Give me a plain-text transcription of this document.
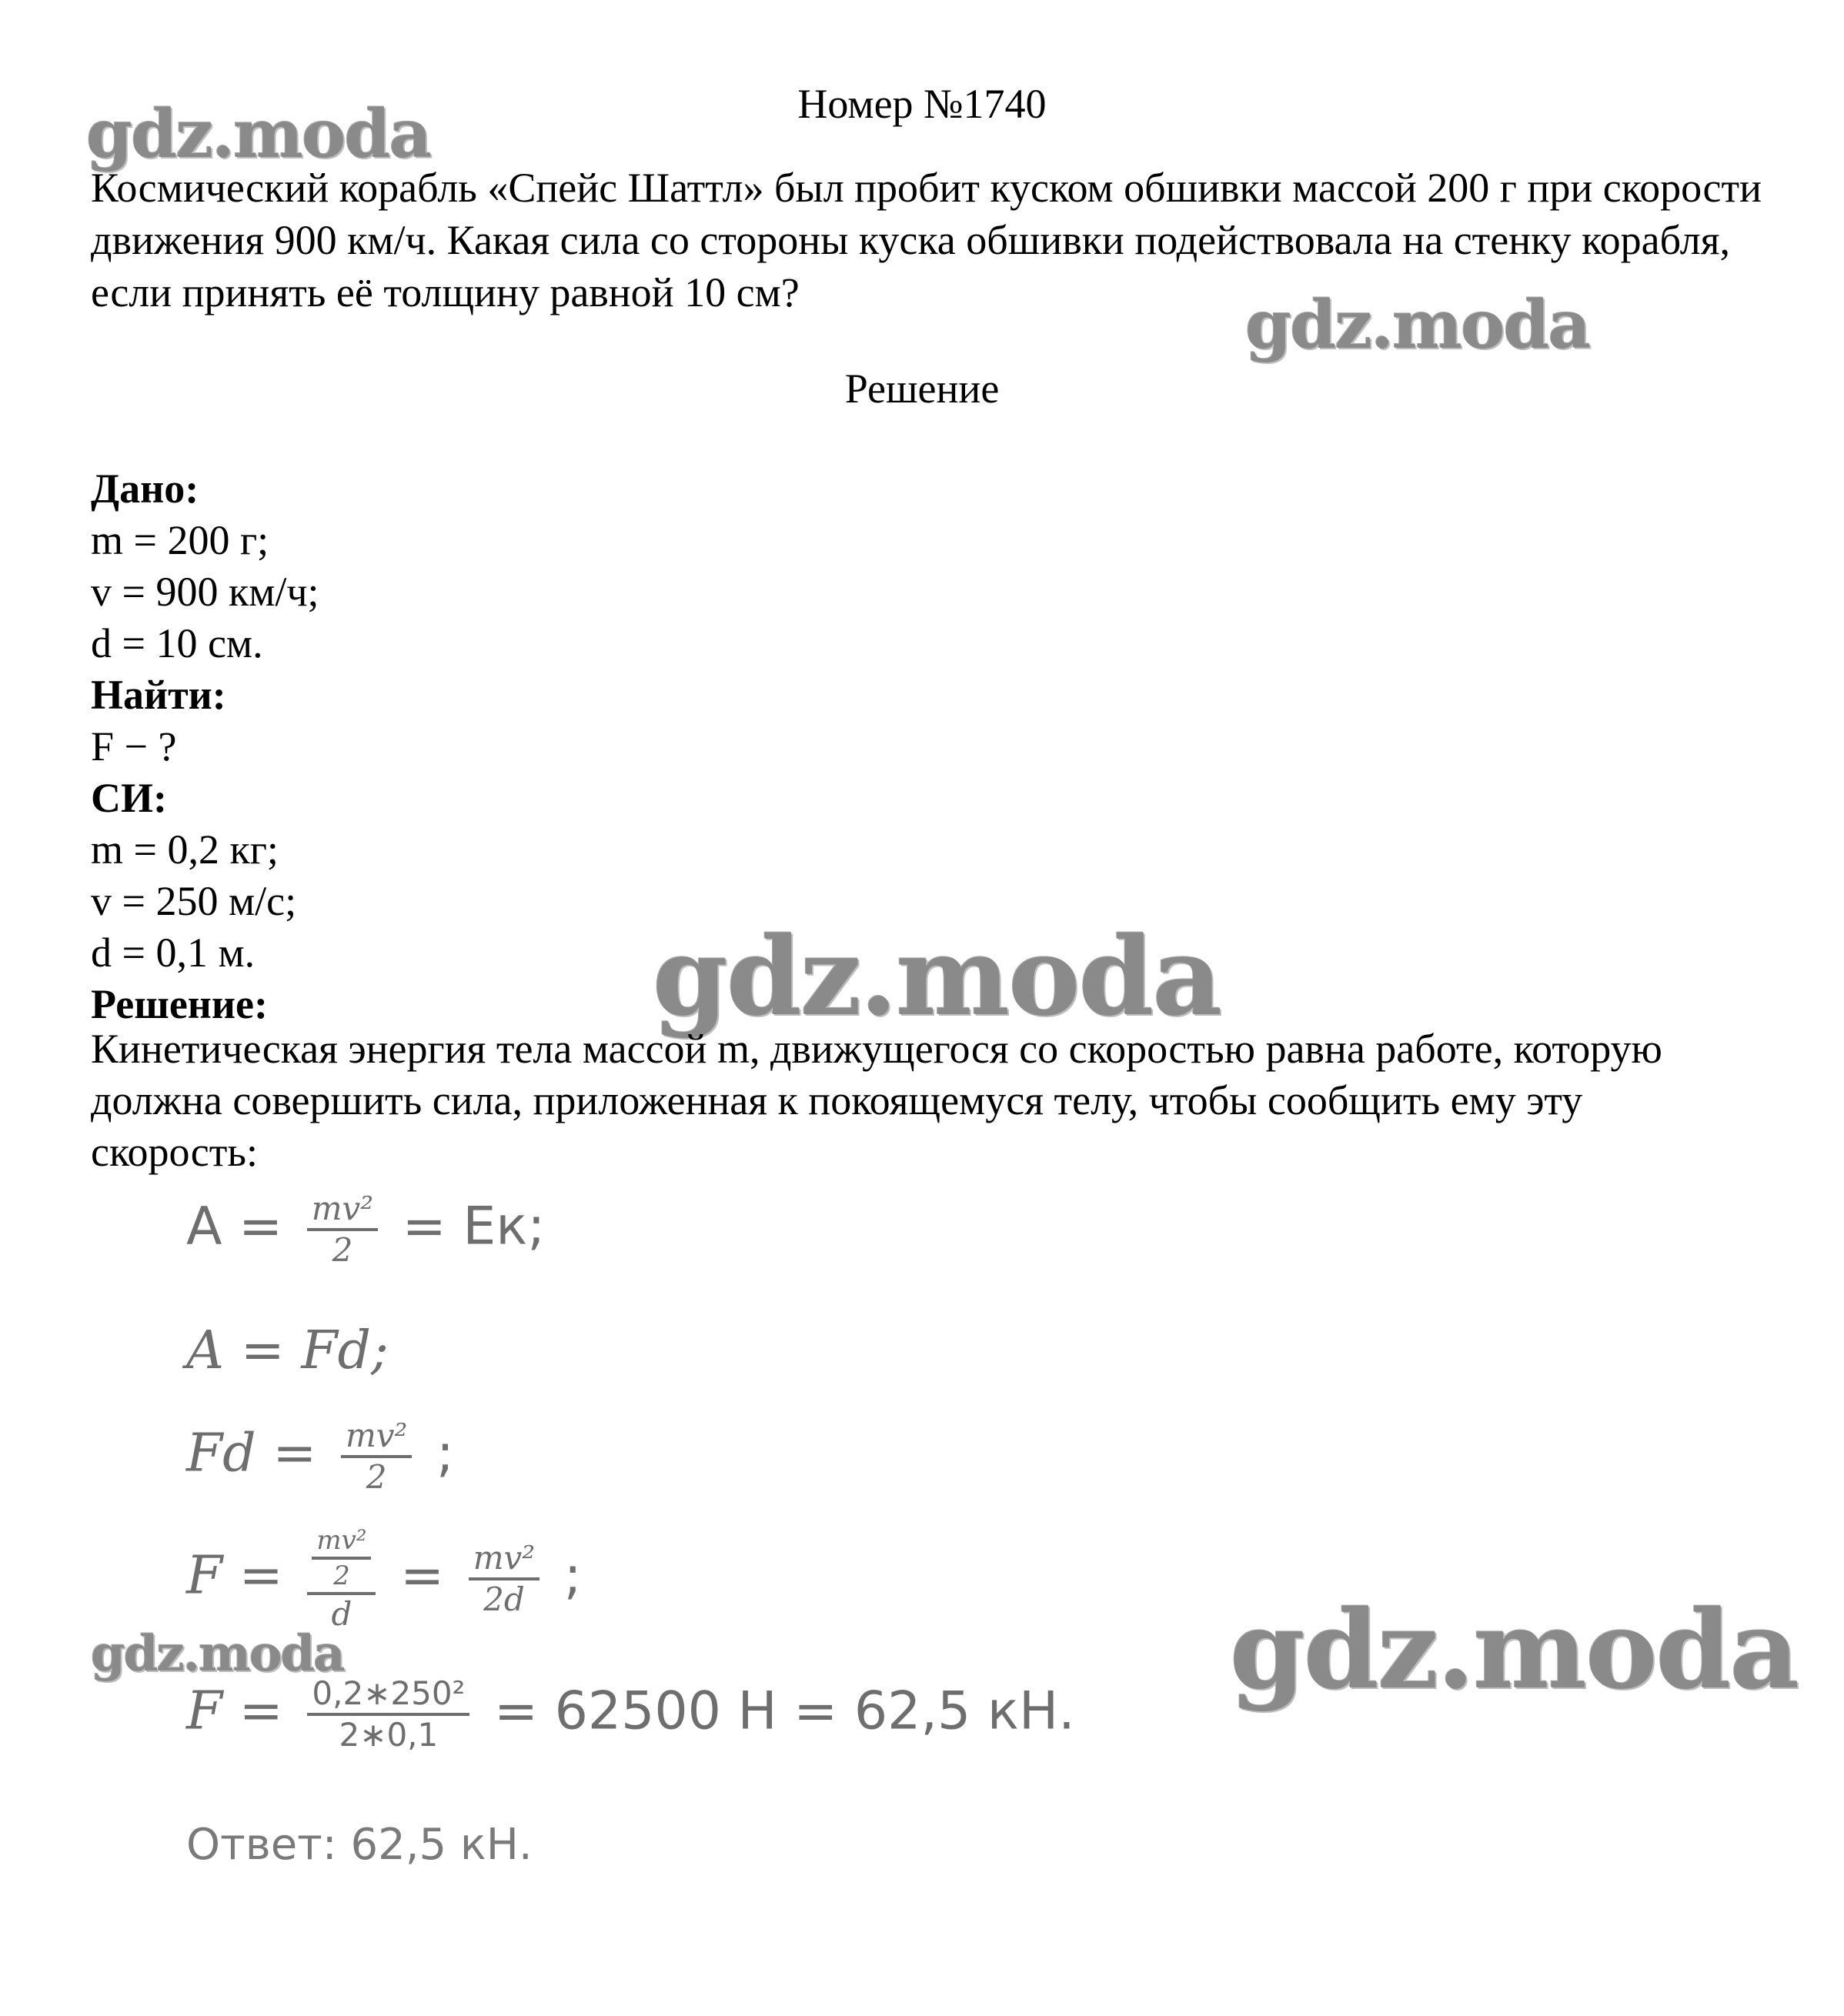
gdz.moda
gdz.moda
gdz.moda
gdz.moda	gdz.moda
Номер №1740
Космический корабль «Спейс Шаттл» был пробит куском обшивки массой 200 г при скорости движения 900 км/ч. Какая сила со стороны куска обшивки подействовала на стенку корабля, если принять её толщину равной 10 см?
Решение
Дано:
m = 200 г;
v = 900 км/ч;
d = 10 см.
Найти:
F − ?
СИ:
m = 0,2 кг;
v = 250 м/с;
d = 0,1 м.
Решение:
Кинетическая энергия тела массой m, движущегося со скоростью равна работе, которую должна совершить сила, приложенная к покоящемуся телу, чтобы сообщить ему эту скорость:
$A = \frac{\text{mv²}}{2}$ = Eк;
A = Fd;
$Fd = \frac{\text{mv²}}{2}$ ;
$F = \frac{\frac{\text{mv²}}{2}}{d} = \frac{\text{mv²}}{2d}$ ;
$F = \frac{\text{0,2∗250²}}{2∗0,1} = 62500$ Н = 62,5 кН.
Ответ: 62,5 кН.
